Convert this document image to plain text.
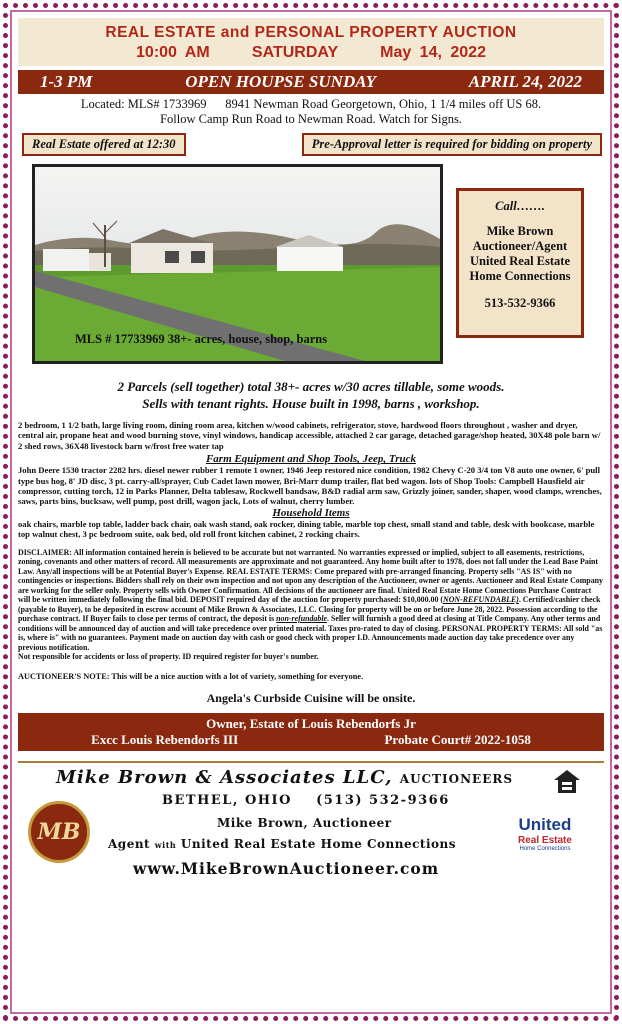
REAL ESTATE and PERSONAL PROPERTY AUCTION
10:00 AM	SATURDAY	May 14, 2022
1-3 PM	OPEN HOUPSE SUNDAY	APRIL 24, 2022
Located: MLS# 1733969      8941 Newman Road Georgetown, Ohio, 1 1/4 miles off US 68.
Follow Camp Run Road to Newman Road. Watch for Signs.
Real Estate offered at 12:30	Pre-Approval letter is required for bidding on property
MLS # 17733969 38+- acres, house, shop, barns
Call…….
Mike Brown
Auctioneer/Agent
United Real Estate
Home Connections
513-532-9366
2 Parcels (sell together) total 38+- acres w/30 acres tillable, some woods.
Sells with tenant rights. House built in 1998, barns , workshop.
2 bedroom, 1 1/2 bath, large living room, dining room area, kitchen w/wood cabinets, refrigerator, stove, hardwood floors throughout , washer and dryer, central air, propane heat and wood burning stove, vinyl windows, handicap accessible, attached 2 car garage, detached garage/shop heated, 30X48 pole barn w/ 2 shed rows, 36X48 livestock barn w/frost free water tap
Farm Equipment and Shop Tools, Jeep, Truck
John Deere 1530 tractor 2282 hrs. diesel newer rubber 1 remote 1 owner, 1946 Jeep restored nice condition, 1982 Chevy C-20 3/4 ton V8 auto one owner, 6' pull type bus hog, 8' JD disc, 3 pt. carry-all/sprayer, Cub Cadet lawn mower, Bri-Marr dump trailer, flat bed wagon. lots of Shop Tools: Campbell Hausfield air compressor, cutting torch, 12 in Parks Planner, Delta tablesaw, Rockwell bandsaw, B&D radial arm saw, Grizzly joiner, sander, shaper, wood clamps, wrenches, saws, parts bins, bucksaw, well pump, post drill, wagon jack, Lots of walnut, cherry lumber.
Household Items
oak chairs, marble top table, ladder back chair, oak wash stand, oak rocker, dining table, marble top chest, small stand and table, desk with bookcase, marble top walnut chest, 3 pc bedroom suite, oak bed, old roll front kitchen cabinet, 2 rocking chairs.
DISCLAIMER: All information contained herein is believed to be accurate but not warranted. No warranties expressed or implied, subject to all easements, restrictions, zoning, covenants and other matters of record. All measurements are approximate and not guaranteed. Any home built after to 1978, does not fall under the Lead Base Paint Law. Any/all inspections will be at Potential Buyer's Expense. REAL ESTATE TERMS: Come prepared with pre-arranged financing. Property sells "AS IS" with no contingencies or inspections. Bidders shall rely on their own inspection and not upon any description of the Auctioneer, owner or agents. Auctioneer and Real Estate Company are working for the seller only. Property sells with Owner Confirmation. All decisions of the auctioneer are final. United Real Estate Home Connections Purchase Contract will be written immediately following the final bid. DEPOSIT required day of the auction for property purchased: $10,000.00 (NON-REFUNDABLE). Certified/cashier check (payable to Buyer), to be deposited in escrow account of Mike Brown & Associates, LLC. Closing for property will be on or before June 28, 2022. Possession according to the purchase contract. If Buyer fails to close per terms of contract, the deposit is non-refundable. Seller will furnish a good deed at closing at Title Company. Any other terms and conditions will be announced day of auction and will take precedence over printed material. Taxes pro-rated to day of closing. PERSONAL PROPERTY TERMS: All sold "as is, where is" with no guarantees. Payment made on auction day with cash or good check with proper I.D. Announcements made auction day take precedence over any previous notification.
Not responsible for accidents or loss of property. ID required register for buyer's number.
AUCTIONEER'S NOTE: This will be a nice auction with a lot of variety, something for everyone.
Angela's Curbside Cuisine will be onsite.
Owner, Estate of Louis Rebendorfs Jr
Excc Louis Rebendorfs III	Probate Court# 2022-1058
Mike Brown & Associates LLC, AUCTIONEERS
BETHEL, OHIO (513) 532-9366
MB	Mike Brown, Auctioneer
Agent with United Real Estate Home Connections
www.MikeBrownAuctioneer.com
United
Real Estate
Home Connections
